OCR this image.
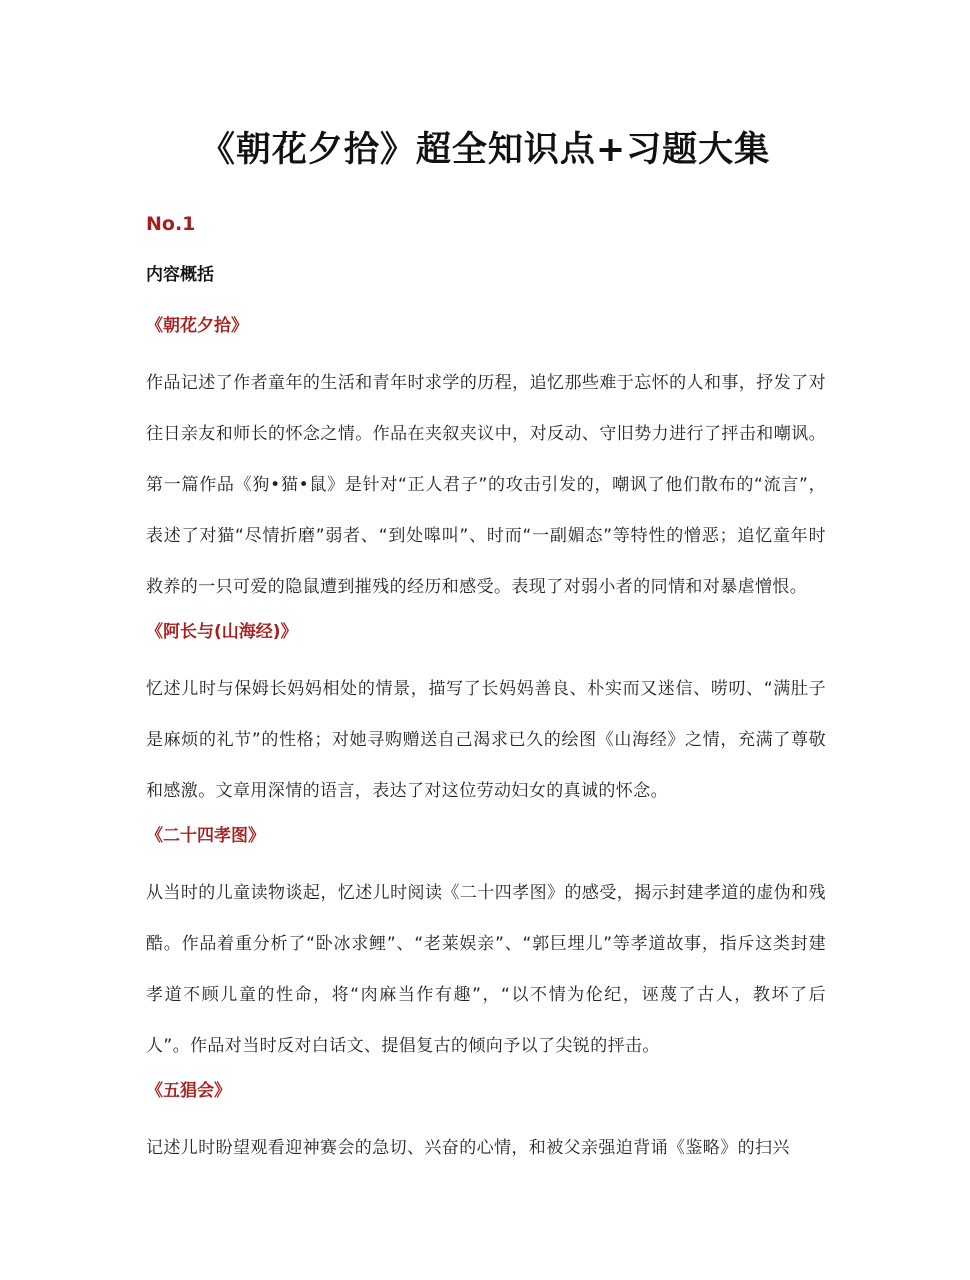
《朝花夕拾》超全知识点+习题大集
No.1
内容概括
《朝花夕拾》

作品记述了作者童年的生活和青年时求学的历程，追忆那些难于忘怀的人和事，抒发了对往日亲友和师长的怀念之情。作品在夹叙夹议中，对反动、守旧势力进行了抨击和嘲讽。第一篇作品《狗•猫•鼠》是针对“正人君子”的攻击引发的，嘲讽了他们散布的“流言”，表述了对猫“尽情折磨”弱者、“到处嗥叫”、时而“一副媚态”等特性的憎恶；追忆童年时救养的一只可爱的隐鼠遭到摧残的经历和感受。表现了对弱小者的同情和对暴虐憎恨。

《阿长与(山海经)》

忆述儿时与保姆长妈妈相处的情景，描写了长妈妈善良、朴实而又迷信、唠叨、“满肚子是麻烦的礼节”的性格；对她寻购赠送自己渴求已久的绘图《山海经》之情，充满了尊敬和感激。文章用深情的语言，表达了对这位劳动妇女的真诚的怀念。

《二十四孝图》

从当时的儿童读物谈起，忆述儿时阅读《二十四孝图》的感受，揭示封建孝道的虚伪和残酷。作品着重分析了“卧冰求鲤”、“老莱娱亲”、“郭巨埋儿”等孝道故事，指斥这类封建孝道不顾儿童的性命，将“肉麻当作有趣”，“以不情为伦纪，诬蔑了古人，教坏了后人”。作品对当时反对白话文、提倡复古的倾向予以了尖锐的抨击。

《五猖会》

记述儿时盼望观看迎神赛会的急切、兴奋的心情，和被父亲强迫背诵《鉴略》的扫兴
